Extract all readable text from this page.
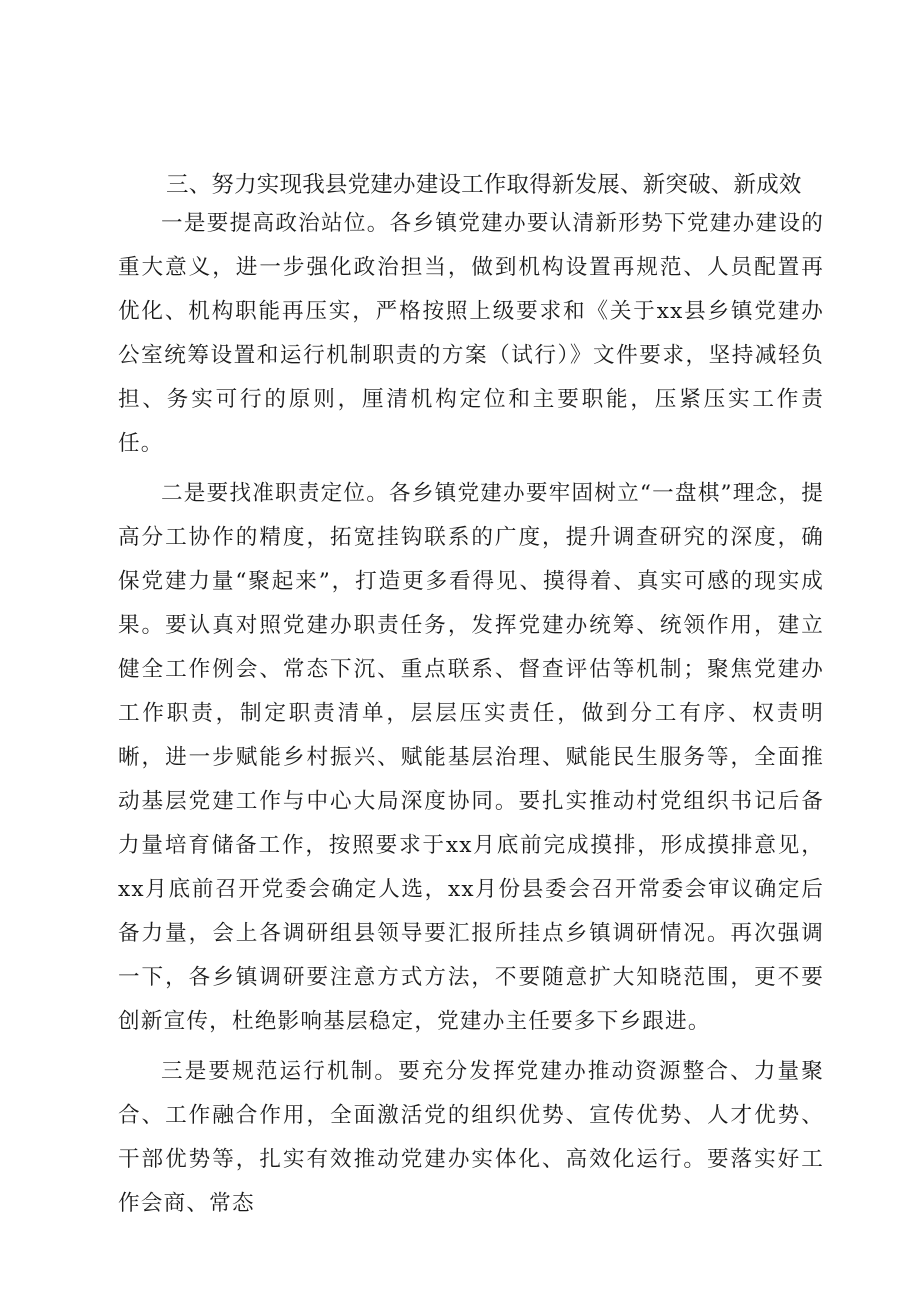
三、努力实现我县党建办建设工作取得新发展、新突破、新成效

一是要提高政治站位。各乡镇党建办要认清新形势下党建办建设的重大意义，进一步强化政治担当，做到机构设置再规范、人员配置再优化、机构职能再压实，严格按照上级要求和《关于xx县乡镇党建办公室统筹设置和运行机制职责的方案（试行）》文件要求，坚持减轻负担、务实可行的原则，厘清机构定位和主要职能，压紧压实工作责任。

二是要找准职责定位。各乡镇党建办要牢固树立“一盘棋”理念，提高分工协作的精度，拓宽挂钩联系的广度，提升调查研究的深度，确保党建力量“聚起来”，打造更多看得见、摸得着、真实可感的现实成果。要认真对照党建办职责任务，发挥党建办统筹、统领作用，建立健全工作例会、常态下沉、重点联系、督查评估等机制；聚焦党建办工作职责，制定职责清单，层层压实责任，做到分工有序、权责明晰，进一步赋能乡村振兴、赋能基层治理、赋能民生服务等，全面推动基层党建工作与中心大局深度协同。要扎实推动村党组织书记后备力量培育储备工作，按照要求于xx月底前完成摸排，形成摸排意见，xx月底前召开党委会确定人选，xx月份县委会召开常委会审议确定后备力量，会上各调研组县领导要汇报所挂点乡镇调研情况。再次强调一下，各乡镇调研要注意方式方法，不要随意扩大知晓范围，更不要创新宣传，杜绝影响基层稳定，党建办主任要多下乡跟进。

三是要规范运行机制。要充分发挥党建办推动资源整合、力量聚合、工作融合作用，全面激活党的组织优势、宣传优势、人才优势、干部优势等，扎实有效推动党建办实体化、高效化运行。要落实好工作会商、常态
